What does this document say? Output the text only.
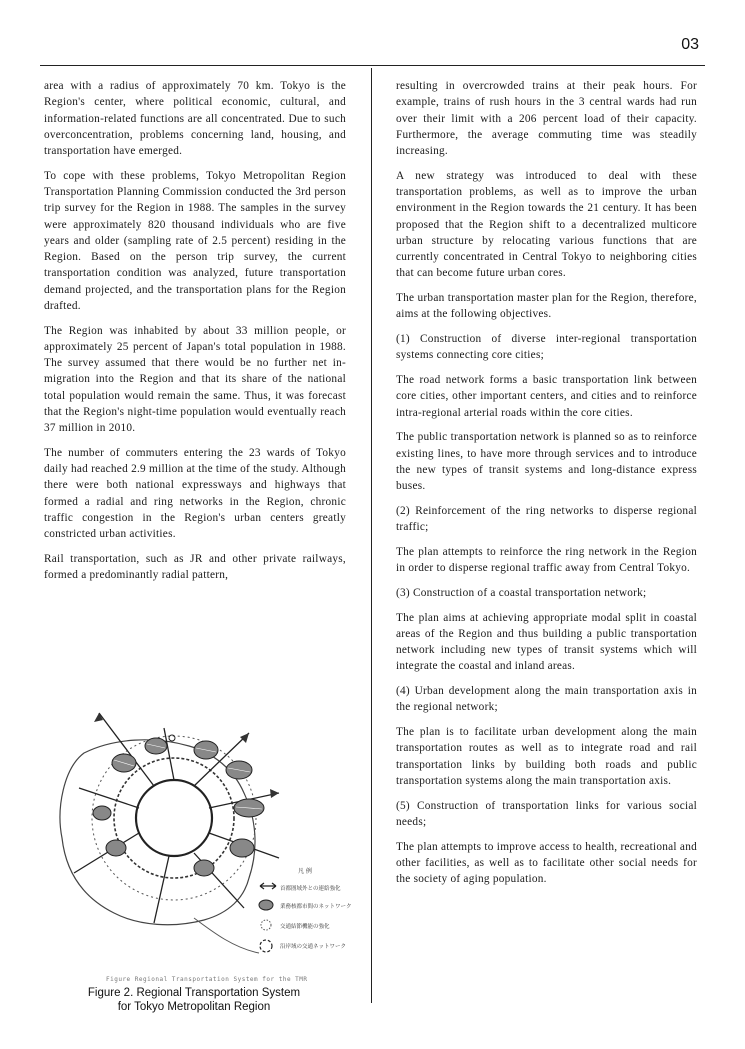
03

area with a radius of approximately 70 km. Tokyo is the Region's center, where political economic, cultural, and information-related functions are all concentrated. Due to such overconcentration, problems concerning land, housing, and transportation have emerged.

To cope with these problems, Tokyo Metropolitan Region Transportation Planning Commission conducted the 3rd person trip survey for the Region in 1988. The samples in the survey were approximately 820 thousand individuals who are five years and older (sampling rate of 2.5 percent) residing in the Region. Based on the person trip survey, the current transportation condition was analyzed, future transportation demand projected, and the transportation plans for the Region drafted.

The Region was inhabited by about 33 million people, or approximately 25 percent of Japan's total population in 1988. The survey assumed that there would be no further net in-migration into the Region and that its share of the national total population would remain the same. Thus, it was forecast that the Region's night-time population would eventually reach 37 million in 2010.

The number of commuters entering the 23 wards of Tokyo daily had reached 2.9 million at the time of the study. Although there were both national expressways and highways that formed a radial and ring networks in the Region, chronic traffic congestion in the Region's urban centers greatly constricted urban activities.

Rail transportation, such as JR and other private railways, formed a predominantly radial pattern,

凡 例
首都圏域外との連絡強化
業務核都市間のネットワーク
交通結節機能の強化
沿岸域の交通ネットワーク
Figure Regional Transportation System for the TMR
Figure 2. Regional Transportation System
for Tokyo Metropolitan Region

resulting in overcrowded trains at their peak hours. For example, trains of rush hours in the 3 central wards had run over their limit with a 206 percent load of their capacity. Furthermore, the average commuting time was steadily increasing.

A new strategy was introduced to deal with these transportation problems, as well as to improve the urban environment in the Region towards the 21 century. It has been proposed that the Region shift to a decentralized multicore urban structure by relocating various functions that are currently concentrated in Central Tokyo to neighboring cities that can become future urban cores.

The urban transportation master plan for the Region, therefore, aims at the following objectives.

(1) Construction of diverse inter-regional transportation systems connecting core cities;

The road network forms a basic transportation link between core cities, other important centers, and cities and to reinforce intra-regional arterial roads within the core cities.

The public transportation network is planned so as to reinforce existing lines, to have more through services and to introduce the new types of transit systems and long-distance express buses.

(2) Reinforcement of the ring networks to disperse regional traffic;

The plan attempts to reinforce the ring network in the Region in order to disperse regional traffic away from Central Tokyo.

(3) Construction of a coastal transportation network;

The plan aims at achieving appropriate modal split in coastal areas of the Region and thus building a public transportation network including new types of transit systems which will integrate the coastal and inland areas.

(4) Urban development along the main transportation axis in the regional network;

The plan is to facilitate urban development along the main transportation routes as well as to integrate road and rail transportation links by building both roads and public transportation systems along the main transportation axis.

(5) Construction of transportation links for various social needs;

The plan attempts to improve access to health, recreational and other facilities, as well as to facilitate other social needs for the society of aging population.
